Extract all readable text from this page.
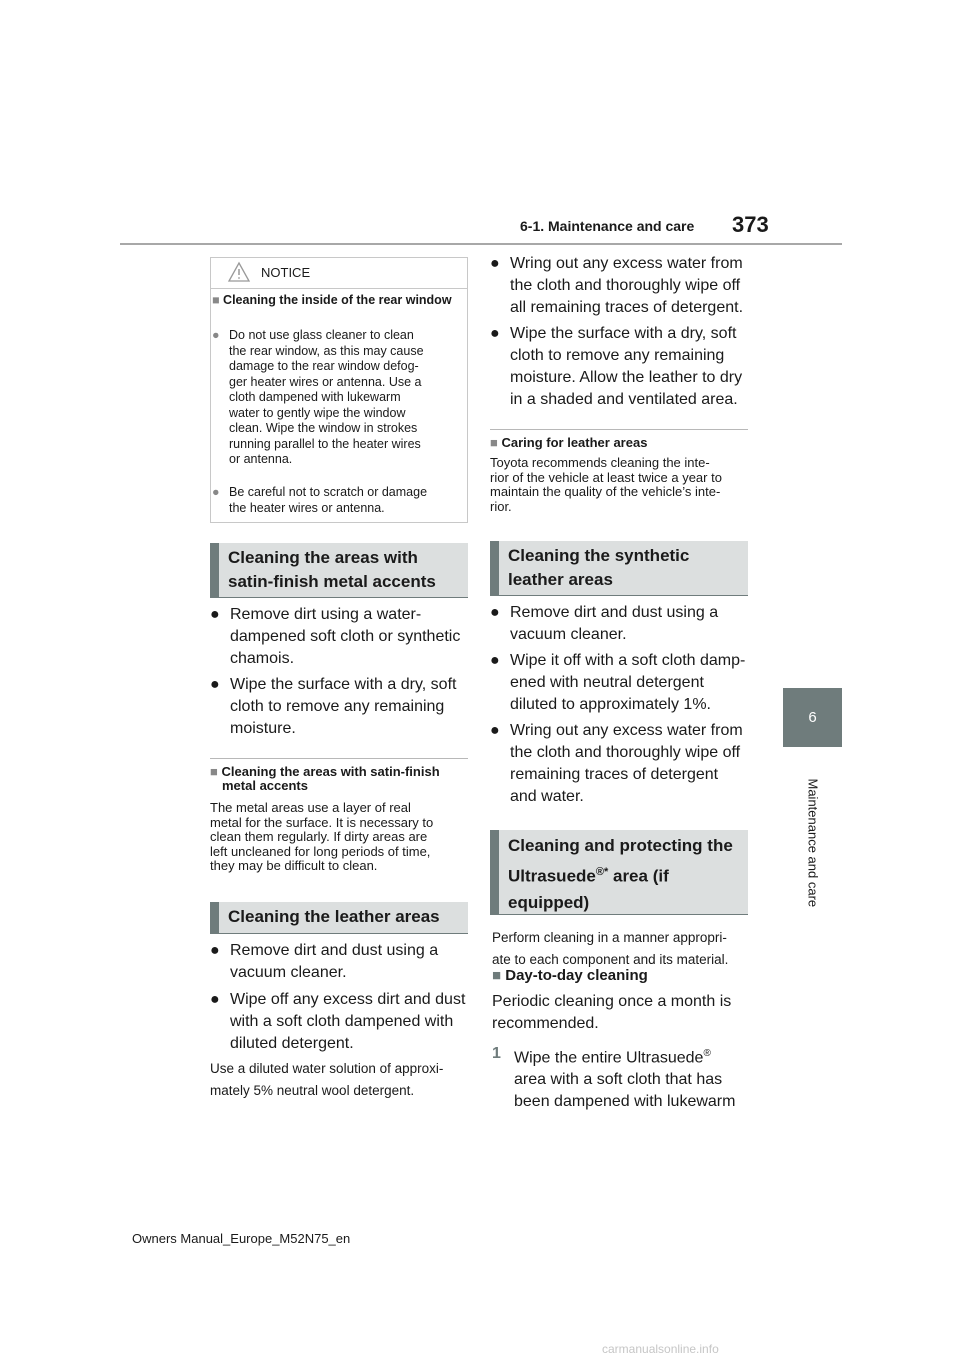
6-1. Maintenance and care 373
6
Maintenance and care
NOTICE
■ Cleaning the inside of the rear window
● Do not use glass cleaner to clean
the rear window, as this may cause
damage to the rear window defog-
ger heater wires or antenna. Use a
cloth dampened with lukewarm
water to gently wipe the window
clean. Wipe the window in strokes
running parallel to the heater wires
or antenna.
● Be careful not to scratch or damage
the heater wires or antenna.
Cleaning the areas with
satin-finish metal accents
● Remove dirt using a water-
dampened soft cloth or synthetic
chamois.
● Wipe the surface with a dry, soft
cloth to remove any remaining
moisture.
■ Cleaning the areas with satin-finish
metal accents
The metal areas use a layer of real
metal for the surface. It is necessary to
clean them regularly. If dirty areas are
left uncleaned for long periods of time,
they may be difficult to clean.
Cleaning the leather areas
● Remove dirt and dust using a
vacuum cleaner.
● Wipe off any excess dirt and dust
with a soft cloth dampened with
diluted detergent.
Use a diluted water solution of approxi-
mately 5% neutral wool detergent.
● Wring out any excess water from
the cloth and thoroughly wipe off
all remaining traces of detergent.
● Wipe the surface with a dry, soft
cloth to remove any remaining
moisture. Allow the leather to dry
in a shaded and ventilated area.
■ Caring for leather areas
Toyota recommends cleaning the inte-
rior of the vehicle at least twice a year to
maintain the quality of the vehicle’s inte-
rior.
Cleaning the synthetic
leather areas
● Remove dirt and dust using a
vacuum cleaner.
● Wipe it off with a soft cloth damp-
ened with neutral detergent
diluted to approximately 1%.
● Wring out any excess water from
the cloth and thoroughly wipe off
remaining traces of detergent
and water.
Cleaning and protecting the
Ultrasuede®* area (if
equipped)
Perform cleaning in a manner appropri-
ate to each component and its material.
■ Day-to-day cleaning
Periodic cleaning once a month is
recommended.
1 Wipe the entire Ultrasuede®
area with a soft cloth that has
been dampened with lukewarm
Owners Manual_Europe_M52N75_en
carmanualsonline.info
